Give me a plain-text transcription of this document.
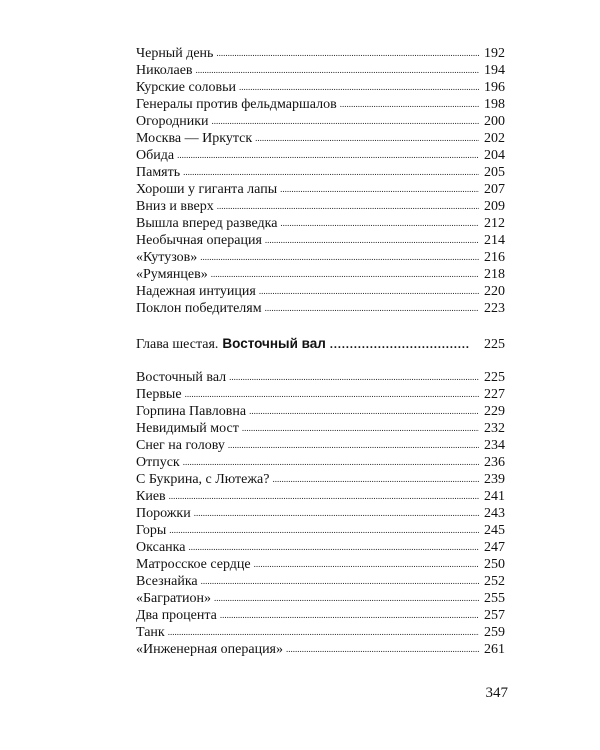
Черный день .....	192
Николаев .....	194
Курские соловьи .....	196
Генералы против фельдмаршалов .....	198
Огородники .....	200
Москва — Иркутск .....	202
Обида .....	204
Память .....	205
Хороши у гиганта лапы .....	207
Вниз и вверх .....	209
Вышла вперед разведка .....	212
Необычная операция .....	214
«Кутузов» .....	216
«Румянцев» .....	218
Надежная интуиция .....	220
Поклон победителям .....	223
Глава шестая. Восточный вал .....	225
Восточный вал .....	225
Первые .....	227
Горпина Павловна .....	229
Невидимый мост .....	232
Снег на голову .....	234
Отпуск .....	236
С Букрина, с Лютежа? .....	239
Киев .....	241
Порожки .....	243
Горы .....	245
Оксанка .....	247
Матросское сердце .....	250
Всезнайка .....	252
«Багратион» .....	255
Два процента .....	257
Танк .....	259
«Инженерная операция» .....	261
347
